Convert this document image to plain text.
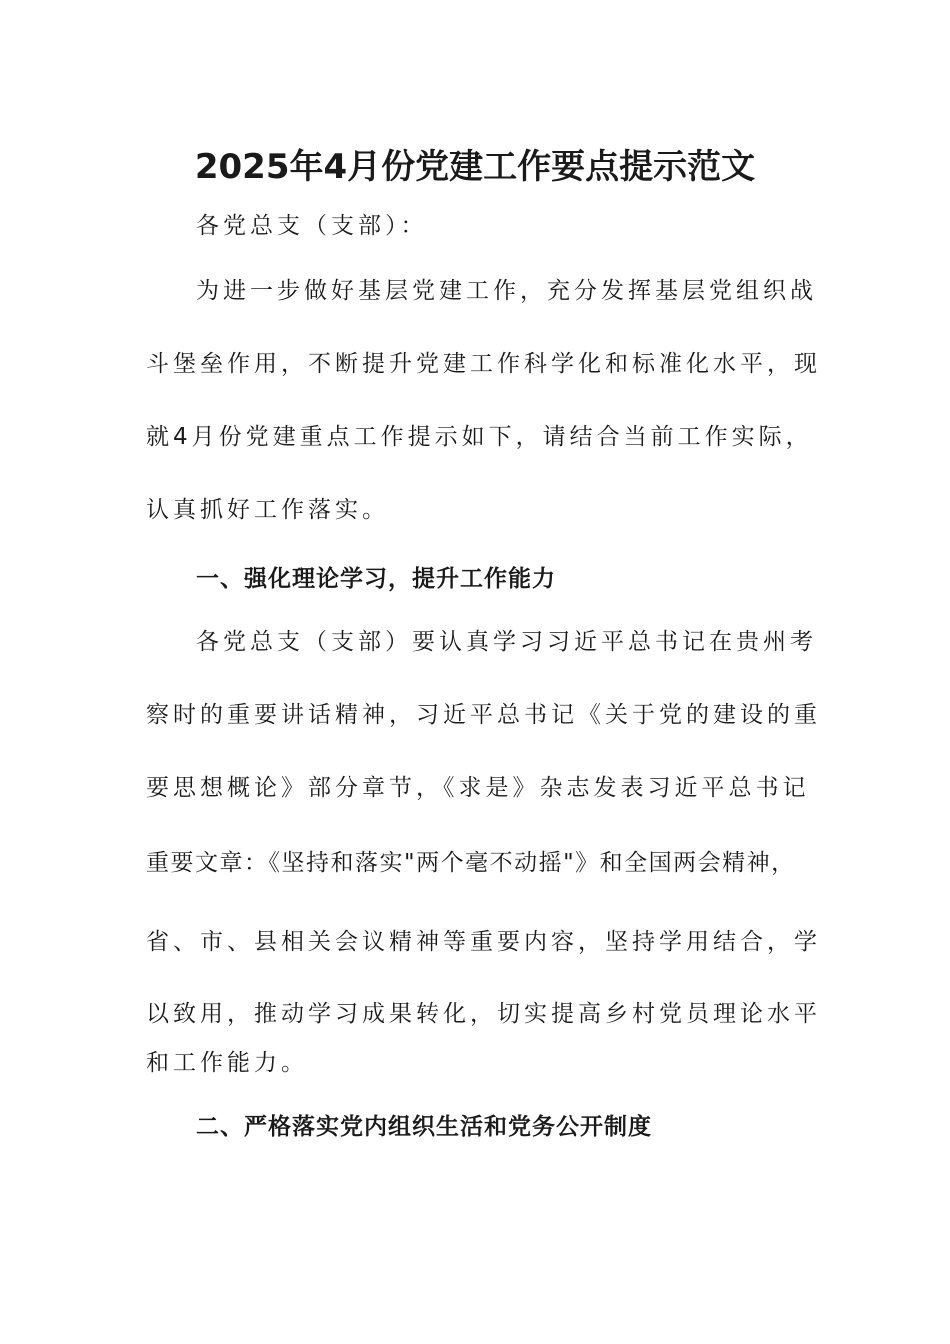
2025年4月份党建工作要点提示范文
各党总支（支部）：
为进一步做好基层党建工作，充分发挥基层党组织战
斗堡垒作用，不断提升党建工作科学化和标准化水平，现
就4月份党建重点工作提示如下，请结合当前工作实际，
认真抓好工作落实。
一、强化理论学习，提升工作能力
各党总支（支部）要认真学习习近平总书记在贵州考
察时的重要讲话精神，习近平总书记《关于党的建设的重
要思想概论》部分章节，《求是》杂志发表习近平总书记
重要文章：《坚持和落实"两个毫不动摇"》和全国两会精神，
省、市、县相关会议精神等重要内容，坚持学用结合，学
以致用，推动学习成果转化，切实提高乡村党员理论水平
和工作能力。
二、严格落实党内组织生活和党务公开制度
